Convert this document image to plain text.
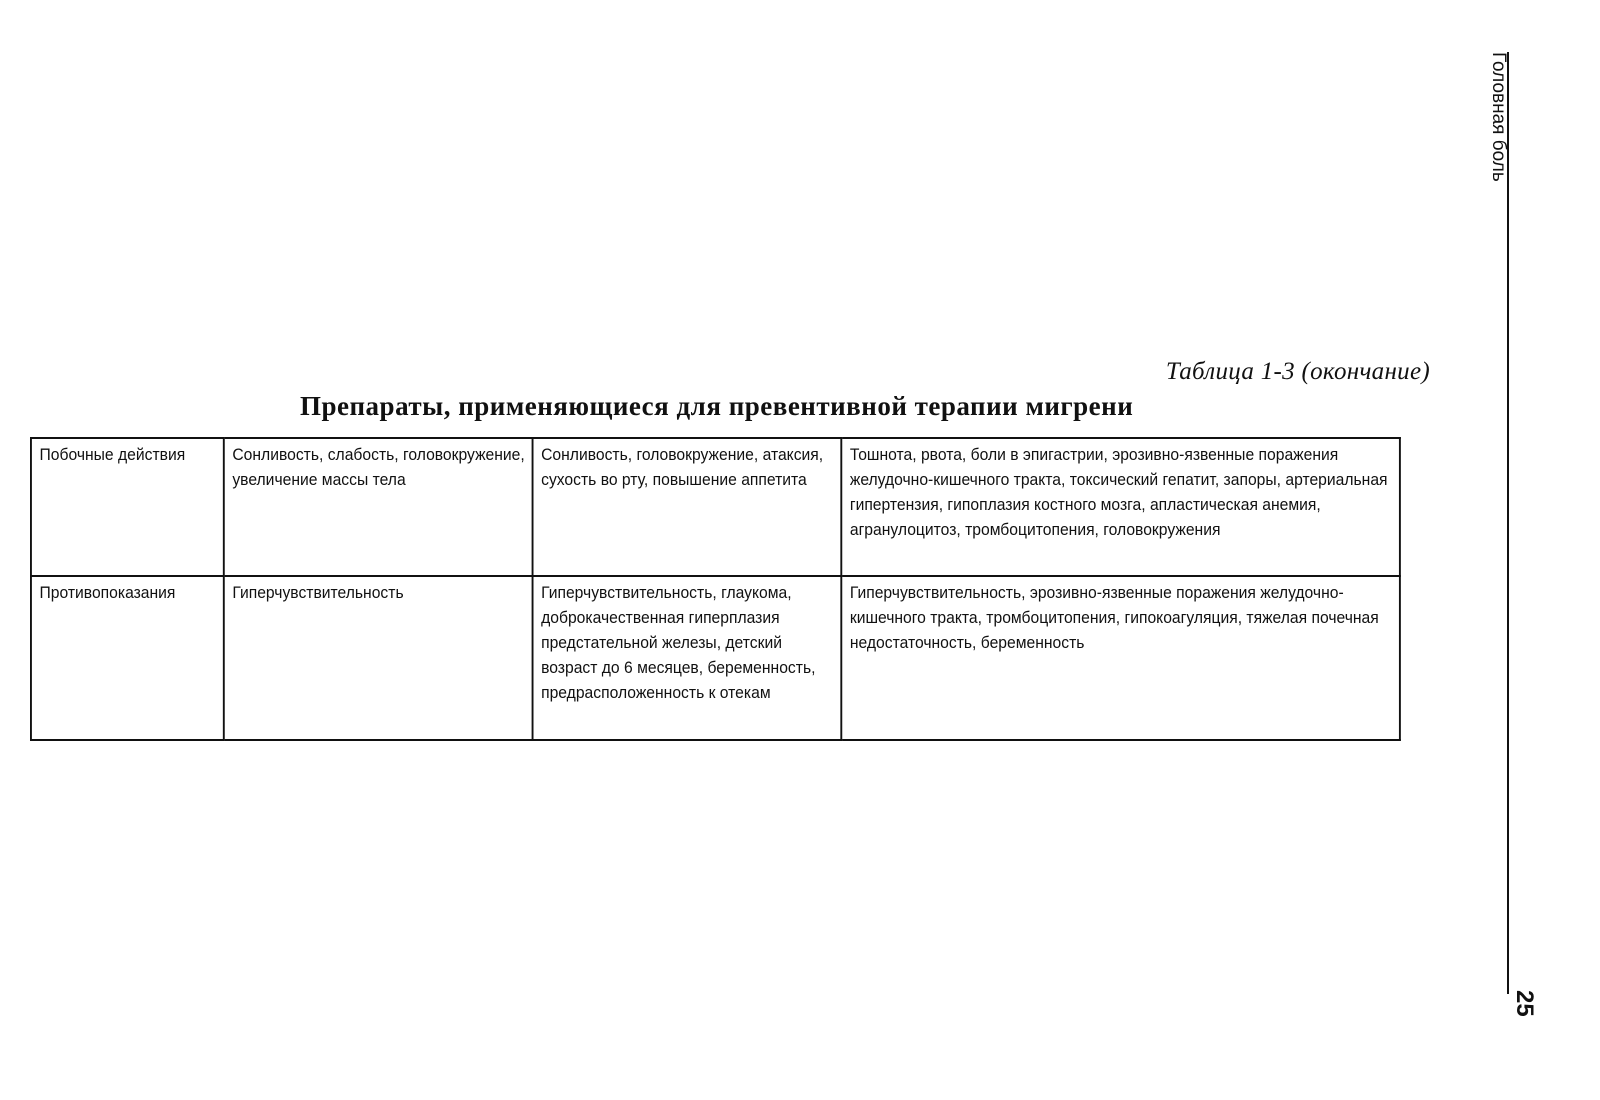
Таблица 1-3 (окончание)
Препараты, применяющиеся для превентивной терапии мигрени
Побочные действия	Сонливость, слабость, головокружение, увеличение массы тела	Сонливость, головокружение, атаксия, сухость во рту, повышение аппетита	Тошнота, рвота, боли в эпигастрии, эрозивно-язвенные поражения желудочно-кишечного тракта, токсический гепатит, запоры, артериальная гипертензия, гипоплазия костного мозга, апластическая анемия, агранулоцитоз, тромбоцитопения, головокружения
Противопоказания	Гиперчувствительность	Гиперчувствительность, глаукома, доброкачественная гиперплазия предстательной железы, детский возраст до 6 месяцев, беременность, предрасположенность к отекам	Гиперчувствительность, эрозивно-язвенные поражения желудочно-кишечного тракта, тромбоцитопения, гипокоагуляция, тяжелая почечная недостаточность, беременность
Головная боль
25
